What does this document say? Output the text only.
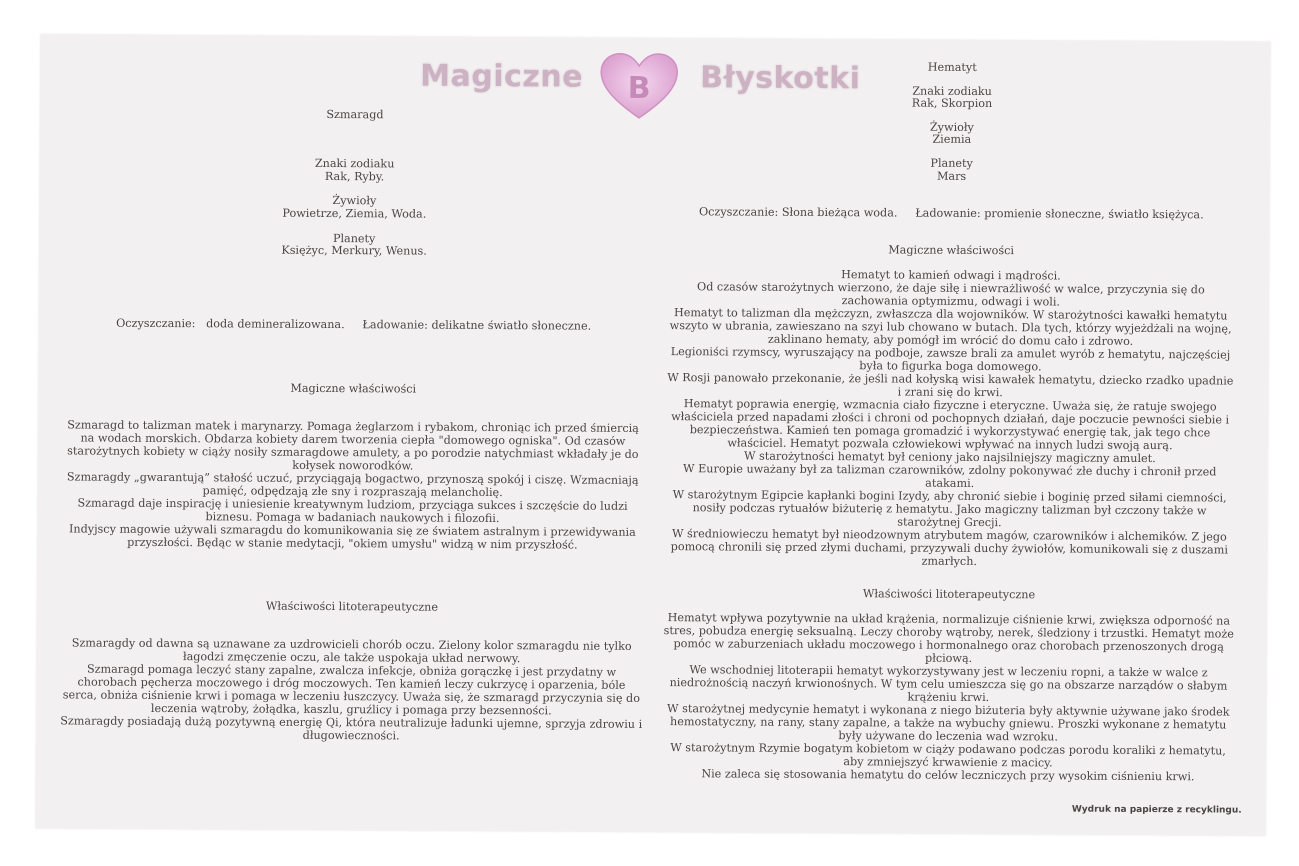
Magiczne B Błyskotki

Szmaragd

Znaki zodiaku

Rak, Ryby.

Żywioły

Powietrze, Ziemia, Woda.

Planety

Księżyc, Merkury, Wenus.

Oczyszczanie:   doda demineralizowana.     Ładowanie: delikatne światło słoneczne.

Magiczne właściwości

Szmaragd to talizman matek i marynarzy. Pomaga żeglarzom i rybakom, chroniąc ich przed śmiercią
na wodach morskich. Obdarza kobiety darem tworzenia ciepła "domowego ogniska". Od czasów
starożytnych kobiety w ciąży nosiły szmaragdowe amulety, a po porodzie natychmiast wkładały je do
kołysek noworodków.
Szmaragdy „gwarantują” stałość uczuć, przyciągają bogactwo, przynoszą spokój i ciszę. Wzmacniają
pamięć, odpędzają złe sny i rozpraszają melancholię.
Szmaragd daje inspirację i uniesienie kreatywnym ludziom, przyciąga sukces i szczęście do ludzi
biznesu. Pomaga w badaniach naukowych i filozofii.
Indyjscy magowie używali szmaragdu do komunikowania się ze światem astralnym i przewidywania
przyszłości. Będąc w stanie medytacji, "okiem umysłu" widzą w nim przyszłość.

Właściwości litoterapeutyczne

Szmaragdy od dawna są uznawane za uzdrowicieli chorób oczu. Zielony kolor szmaragdu nie tylko
łagodzi zmęczenie oczu, ale także uspokaja układ nerwowy.
Szmaragd pomaga leczyć stany zapalne, zwalcza infekcje, obniża gorączkę i jest przydatny w
chorobach pęcherza moczowego i dróg moczowych. Ten kamień leczy cukrzycę i oparzenia, bóle
serca, obniża ciśnienie krwi i pomaga w leczeniu łuszczycy. Uważa się, że szmaragd przyczynia się do
leczenia wątroby, żołądka, kaszlu, gruźlicy i pomaga przy bezsenności.
Szmaragdy posiadają dużą pozytywną energię Qi, która neutralizuje ładunki ujemne, sprzyja zdrowiu i
długowieczności.

Hematyt

Znaki zodiaku

Rak, Skorpion

Żywioły

Ziemia

Planety

Mars

Oczyszczanie: Słona bieżąca woda.     Ładowanie: promienie słoneczne, światło księżyca.

Magiczne właściwości

Hematyt to kamień odwagi i mądrości.
Od czasów starożytnych wierzono, że daje siłę i niewrażliwość w walce, przyczynia się do
zachowania optymizmu, odwagi i woli.
Hematyt to talizman dla mężczyzn, zwłaszcza dla wojowników. W starożytności kawałki hematytu
wszyto w ubrania, zawieszano na szyi lub chowano w butach. Dla tych, którzy wyjeżdżali na wojnę,
zaklinano hematy, aby pomógł im wrócić do domu cało i zdrowo.
Legioniści rzymscy, wyruszający na podboje, zawsze brali za amulet wyrób z hematytu, najczęściej
była to figurka boga domowego.
W Rosji panowało przekonanie, że jeśli nad kołyską wisi kawałek hematytu, dziecko rzadko upadnie
i zrani się do krwi.
Hematyt poprawia energię, wzmacnia ciało fizyczne i eteryczne. Uważa się, że ratuje swojego
właściciela przed napadami złości i chroni od pochopnych działań, daje poczucie pewności siebie i
bezpieczeństwa. Kamień ten pomaga gromadzić i wykorzystywać energię tak, jak tego chce
właściciel. Hematyt pozwala człowiekowi wpływać na innych ludzi swoją aurą.
W starożytności hematyt był ceniony jako najsilniejszy magiczny amulet.
W Europie uważany był za talizman czarowników, zdolny pokonywać złe duchy i chronił przed
atakami.
W starożytnym Egipcie kapłanki bogini Izydy, aby chronić siebie i boginię przed siłami ciemności,
nosiły podczas rytuałów biżuterię z hematytu. Jako magiczny talizman był czczony także w
starożytnej Grecji.
W średniowieczu hematyt był nieodzownym atrybutem magów, czarowników i alchemików. Z jego
pomocą chronili się przed złymi duchami, przyzywali duchy żywiołów, komunikowali się z duszami
zmarłych.

Właściwości litoterapeutyczne

Hematyt wpływa pozytywnie na układ krążenia, normalizuje ciśnienie krwi, zwiększa odporność na
stres, pobudza energię seksualną. Leczy choroby wątroby, nerek, śledziony i trzustki. Hematyt może
pomóc w zaburzeniach układu moczowego i hormonalnego oraz chorobach przenoszonych drogą
płciową.
We wschodniej litoterapii hematyt wykorzystywany jest w leczeniu ropni, a także w walce z
niedrożnością naczyń krwionośnych. W tym celu umieszcza się go na obszarze narządów o słabym
krążeniu krwi.
W starożytnej medycynie hematyt i wykonana z niego biżuteria były aktywnie używane jako środek
hemostatyczny, na rany, stany zapalne, a także na wybuchy gniewu. Proszki wykonane z hematytu
były używane do leczenia wad wzroku.
W starożytnym Rzymie bogatym kobietom w ciąży podawano podczas porodu koraliki z hematytu,
aby zmniejszyć krwawienie z macicy.
Nie zaleca się stosowania hematytu do celów leczniczych przy wysokim ciśnieniu krwi.

Wydruk na papierze z recyklingu.
